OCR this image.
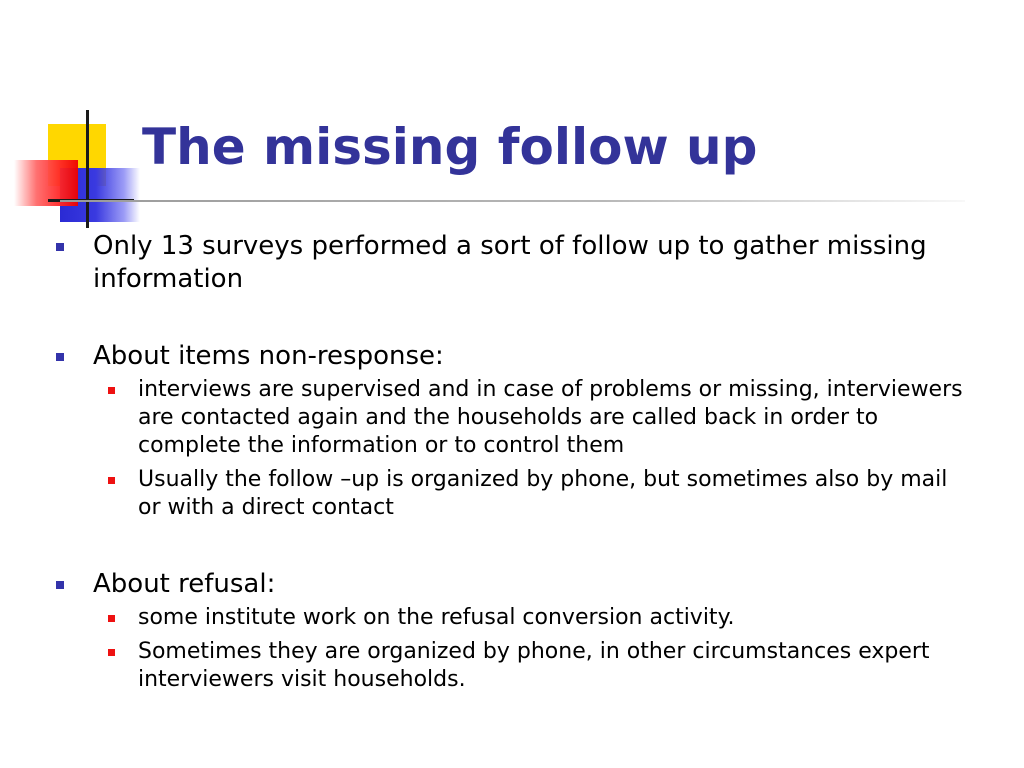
The missing follow up
Only 13 surveys performed a sort of follow up to gather missing information
About items non-response:
interviews are supervised and in case of problems or missing, interviewers are contacted again and the households are called back in order to complete the information or to control them
Usually the follow –up is organized by phone, but sometimes also by mail or with a direct contact
About refusal:
some institute work on the refusal conversion activity.
Sometimes they are organized by phone, in other circumstances expert interviewers visit households.
